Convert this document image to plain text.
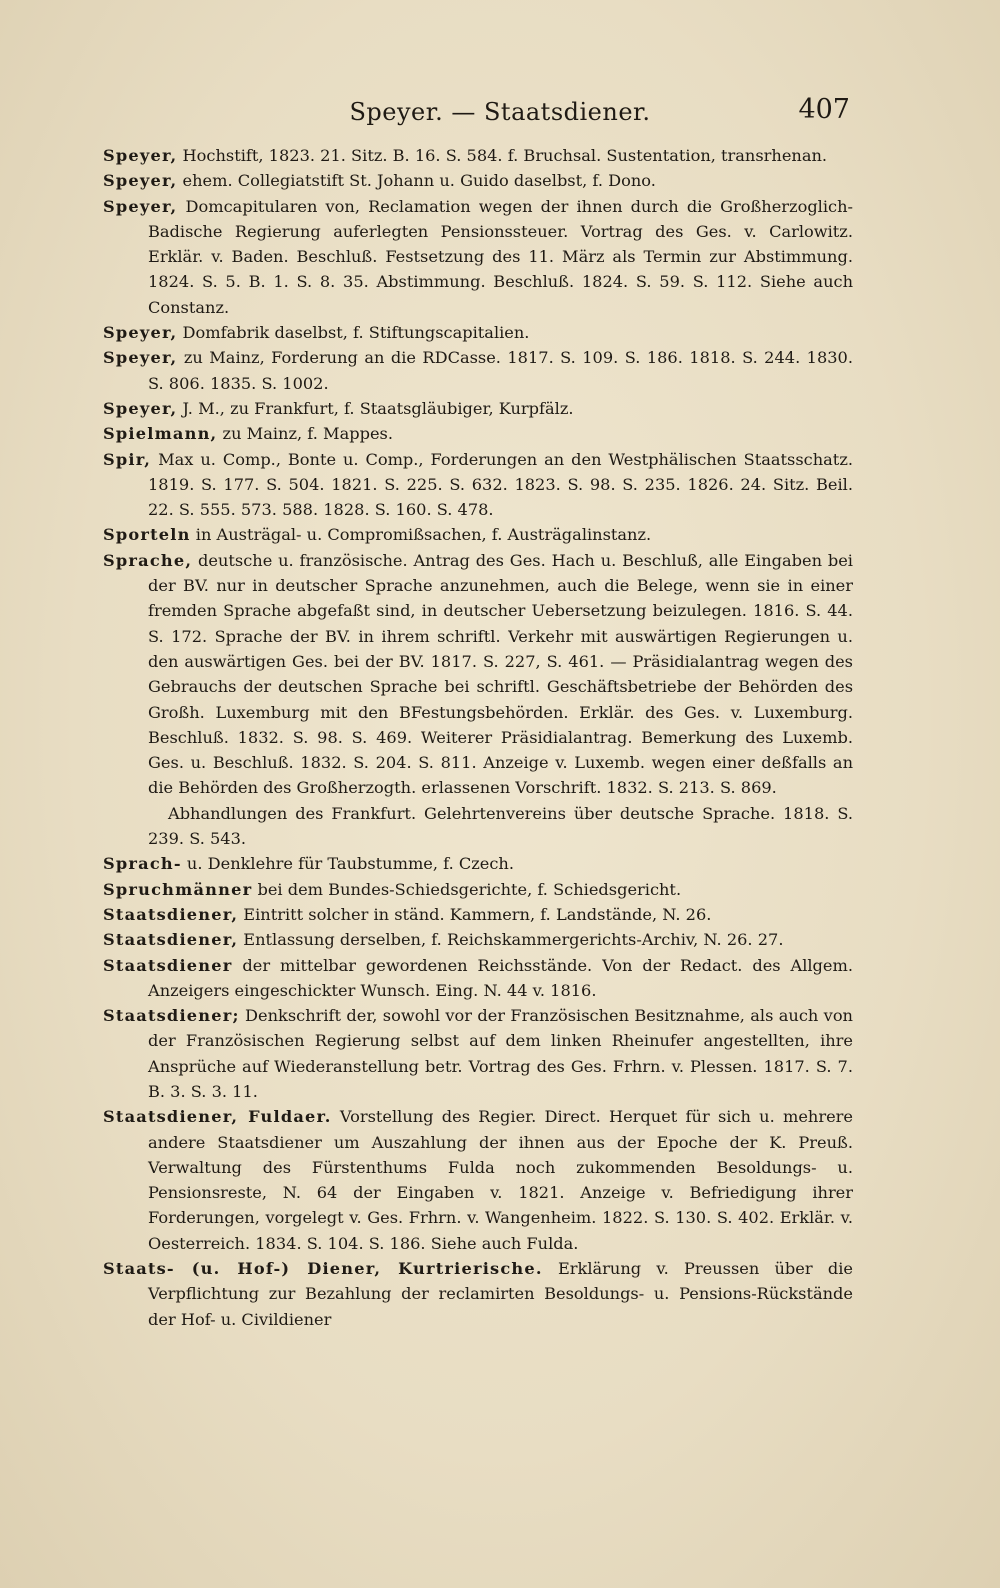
Speyer. — Staatsdiener.	407

Speyer, Hochstift, 1823. 21. Sitz. B. 16. S. 584. f. Bruchsal. Sustentation, transrhenan.

Speyer, ehem. Collegiatstift St. Johann u. Guido daselbst, f. Dono.

Speyer, Domcapitularen von, Reclamation wegen der ihnen durch die Großherzoglich-Badische Regierung auferlegten Pensionssteuer. Vortrag des Ges. v. Carlowitz. Erklär. v. Baden. Beschluß. Festsetzung des 11. März als Termin zur Abstimmung. 1824. S. 5. B. 1. S. 8. 35. Abstimmung. Beschluß. 1824. S. 59. S. 112. Siehe auch Constanz.

Speyer, Domfabrik daselbst, f. Stiftungscapitalien.

Speyer, zu Mainz, Forderung an die RDCasse. 1817. S. 109. S. 186. 1818. S. 244. 1830. S. 806. 1835. S. 1002.

Speyer, J. M., zu Frankfurt, f. Staatsgläubiger, Kurpfälz.

Spielmann, zu Mainz, f. Mappes.

Spir, Max u. Comp., Bonte u. Comp., Forderungen an den Westphälischen Staatsschatz. 1819. S. 177. S. 504. 1821. S. 225. S. 632. 1823. S. 98. S. 235. 1826. 24. Sitz. Beil. 22. S. 555. 573. 588. 1828. S. 160. S. 478.

Sporteln in Austrägal- u. Compromißsachen, f. Austrägalinstanz.

Sprache, deutsche u. französische. Antrag des Ges. Hach u. Beschluß, alle Eingaben bei der BV. nur in deutscher Sprache anzunehmen, auch die Belege, wenn sie in einer fremden Sprache abgefaßt sind, in deutscher Uebersetzung beizulegen. 1816. S. 44. S. 172. Sprache der BV. in ihrem schriftl. Verkehr mit auswärtigen Regierungen u. den auswärtigen Ges. bei der BV. 1817. S. 227, S. 461. — Präsidialantrag wegen des Gebrauchs der deutschen Sprache bei schriftl. Geschäftsbetriebe der Behörden des Großh. Luxemburg mit den BFestungsbehörden. Erklär. des Ges. v. Luxemburg. Beschluß. 1832. S. 98. S. 469. Weiterer Präsidialantrag. Bemerkung des Luxemb. Ges. u. Beschluß. 1832. S. 204. S. 811. Anzeige v. Luxemb. wegen einer deßfalls an die Behörden des Großherzogth. erlassenen Vorschrift. 1832. S. 213. S. 869.
Abhandlungen des Frankfurt. Gelehrtenvereins über deutsche Sprache. 1818. S. 239. S. 543.

Sprach- u. Denklehre für Taubstumme, f. Czech.

Spruchmänner bei dem Bundes-Schiedsgerichte, f. Schiedsgericht.

Staatsdiener, Eintritt solcher in ständ. Kammern, f. Landstände, N. 26.

Staatsdiener, Entlassung derselben, f. Reichskammergerichts-Archiv, N. 26. 27.

Staatsdiener der mittelbar gewordenen Reichsstände. Von der Redact. des Allgem. Anzeigers eingeschickter Wunsch. Eing. N. 44 v. 1816.

Staatsdiener; Denkschrift der, sowohl vor der Französischen Besitznahme, als auch von der Französischen Regierung selbst auf dem linken Rheinufer angestellten, ihre Ansprüche auf Wiederanstellung betr. Vortrag des Ges. Frhrn. v. Plessen. 1817. S. 7. B. 3. S. 3. 11.

Staatsdiener, Fuldaer. Vorstellung des Regier. Direct. Herquet für sich u. mehrere andere Staatsdiener um Auszahlung der ihnen aus der Epoche der K. Preuß. Verwaltung des Fürstenthums Fulda noch zukommenden Besoldungs- u. Pensionsreste, N. 64 der Eingaben v. 1821. Anzeige v. Befriedigung ihrer Forderungen, vorgelegt v. Ges. Frhrn. v. Wangenheim. 1822. S. 130. S. 402. Erklär. v. Oesterreich. 1834. S. 104. S. 186. Siehe auch Fulda.

Staats- (u. Hof-) Diener, Kurtrierische. Erklärung v. Preussen über die Verpflichtung zur Bezahlung der reclamirten Besoldungs- u. Pensions-Rückstände der Hof- u. Civildiener
